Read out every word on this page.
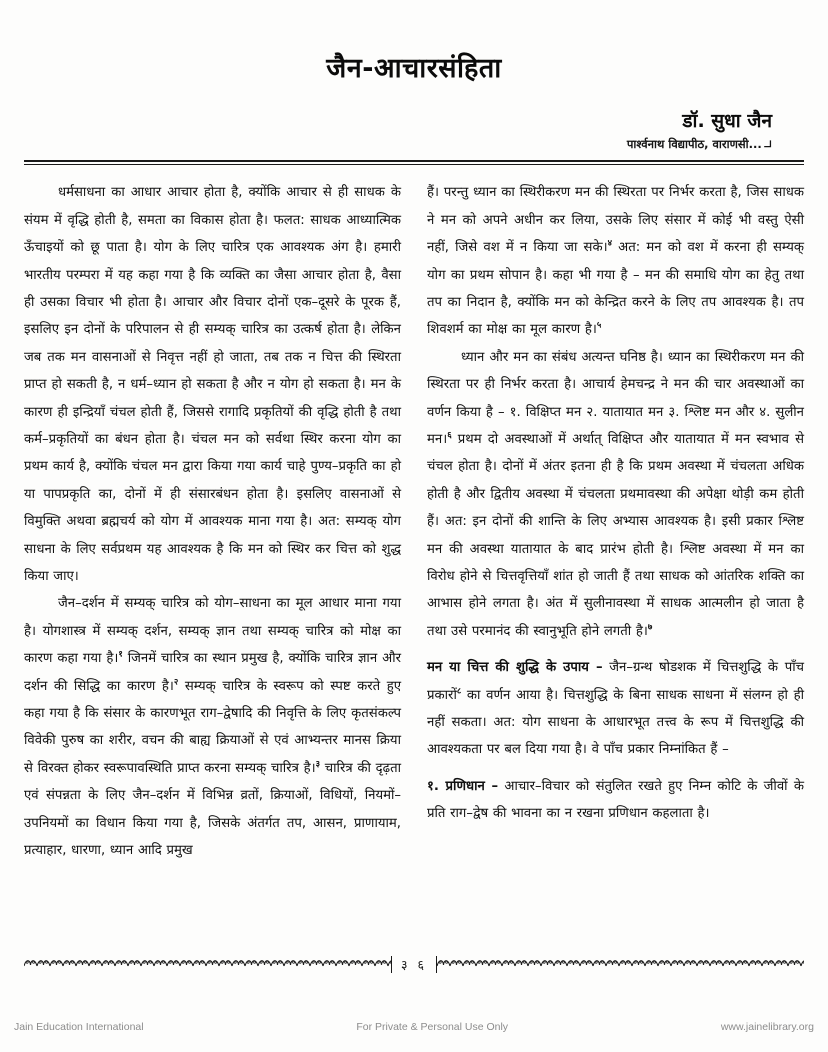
जैन-आचारसंहिता
डॉ. सुधा जैन
पार्श्वनाथ विद्यापीठ, वाराणसी...∟

धर्मसाधना का आधार आचार होता है, क्योंकि आचार से ही साधक के संयम में वृद्धि होती है, समता का विकास होता है। फलत: साधक आध्यात्मिक ऊँचाइयों को छू पाता है। योग के लिए चारित्र एक आवश्यक अंग है। हमारी भारतीय परम्परा में यह कहा गया है कि व्यक्ति का जैसा आचार होता है, वैसा ही उसका विचार भी होता है। आचार और विचार दोनों एक–दूसरे के पूरक हैं, इसलिए इन दोनों के परिपालन से ही सम्यक् चारित्र का उत्कर्ष होता है। लेकिन जब तक मन वासनाओं से निवृत्त नहीं हो जाता, तब तक न चित्त की स्थिरता प्राप्त हो सकती है, न धर्म–ध्यान हो सकता है और न योग हो सकता है। मन के कारण ही इन्द्रियाँ चंचल होती हैं, जिससे रागादि प्रकृतियों की वृद्धि होती है तथा कर्म–प्रकृतियों का बंधन होता है। चंचल मन को सर्वथा स्थिर करना योग का प्रथम कार्य है, क्योंकि चंचल मन द्वारा किया गया कार्य चाहे पुण्य–प्रकृति का हो या पापप्रकृति का, दोनों में ही संसारबंधन होता है। इसलिए वासनाओं से विमुक्ति अथवा ब्रह्मचर्य को योग में आवश्यक माना गया है। अत: सम्यक् योग साधना के लिए सर्वप्रथम यह आवश्यक है कि मन को स्थिर कर चित्त को शुद्ध किया जाए।

जैन–दर्शन में सम्यक् चारित्र को योग–साधना का मूल आधार माना गया है। योगशास्त्र में सम्यक् दर्शन, सम्यक् ज्ञान तथा सम्यक् चारित्र को मोक्ष का कारण कहा गया है।$^१$ जिनमें चारित्र का स्थान प्रमुख है, क्योंकि चारित्र ज्ञान और दर्शन की सिद्धि का कारण है।$^२$ सम्यक् चारित्र के स्वरूप को स्पष्ट करते हुए कहा गया है कि संसार के कारणभूत राग–द्वेषादि की निवृत्ति के लिए कृतसंकल्प विवेकी पुरुष का शरीर, वचन की बाह्य क्रियाओं से एवं आभ्यन्तर मानस क्रिया से विरक्त होकर स्वरूपावस्थिति प्राप्त करना सम्यक् चारित्र है।$^३$ चारित्र की दृढ़ता एवं संपन्नता के लिए जैन–दर्शन में विभिन्न व्रतों, क्रियाओं, विधियों, नियमों–उपनियमों का विधान किया गया है, जिसके अंतर्गत तप, आसन, प्राणायाम, प्रत्याहार, धारणा, ध्यान आदि प्रमुख

हैं। परन्तु ध्यान का स्थिरीकरण मन की स्थिरता पर निर्भर करता है, जिस साधक ने मन को अपने अधीन कर लिया, उसके लिए संसार में कोई भी वस्तु ऐसी नहीं, जिसे वश में न किया जा सके।$^४$ अत: मन को वश में करना ही सम्यक् योग का प्रथम सोपान है। कहा भी गया है – मन की समाधि योग का हेतु तथा तप का निदान है, क्योंकि मन को केन्द्रित करने के लिए तप आवश्यक है। तप शिवशर्म का मोक्ष का मूल कारण है।$^५$

ध्यान और मन का संबंध अत्यन्त घनिष्ठ है। ध्यान का स्थिरीकरण मन की स्थिरता पर ही निर्भर करता है। आचार्य हेमचन्द्र ने मन की चार अवस्थाओं का वर्णन किया है – १. विक्षिप्त मन २. यातायात मन ३. श्लिष्ट मन और ४. सुलीन मन।$^६$ प्रथम दो अवस्थाओं में अर्थात् विक्षिप्त और यातायात में मन स्वभाव से चंचल होता है। दोनों में अंतर इतना ही है कि प्रथम अवस्था में चंचलता अधिक होती है और द्वितीय अवस्था में चंचलता प्रथमावस्था की अपेक्षा थोड़ी कम होती हैं। अत: इन दोनों की शान्ति के लिए अभ्यास आवश्यक है। इसी प्रकार श्लिष्ट मन की अवस्था यातायात के बाद प्रारंभ होती है। श्लिष्ट अवस्था में मन का विरोध होने से चित्तवृत्तियाँ शांत हो जाती हैं तथा साधक को आंतरिक शक्ति का आभास होने लगता है। अंत में सुलीनावस्था में साधक आत्मलीन हो जाता है तथा उसे परमानंद की स्वानुभूति होने लगती है।$^७$

मन या चित्त की शुद्धि के उपाय – जैन–ग्रन्थ षोडशक में चित्तशुद्धि के पाँच प्रकारों$^८$ का वर्णन आया है। चित्तशुद्धि के बिना साधक साधना में संलग्न हो ही नहीं सकता। अत: योग साधना के आधारभूत तत्त्व के रूप में चित्तशुद्धि की आवश्यकता पर बल दिया गया है। वे पाँच प्रकार निम्नांकित हैं –

१. प्रणिधान – आचार–विचार को संतुलित रखते हुए निम्न कोटि के जीवों के प्रति राग–द्वेष की भावना का न रखना प्रणिधान कहलाता है।

३ ६
Jain Education International	For Private & Personal Use Only	www.jainelibrary.org
